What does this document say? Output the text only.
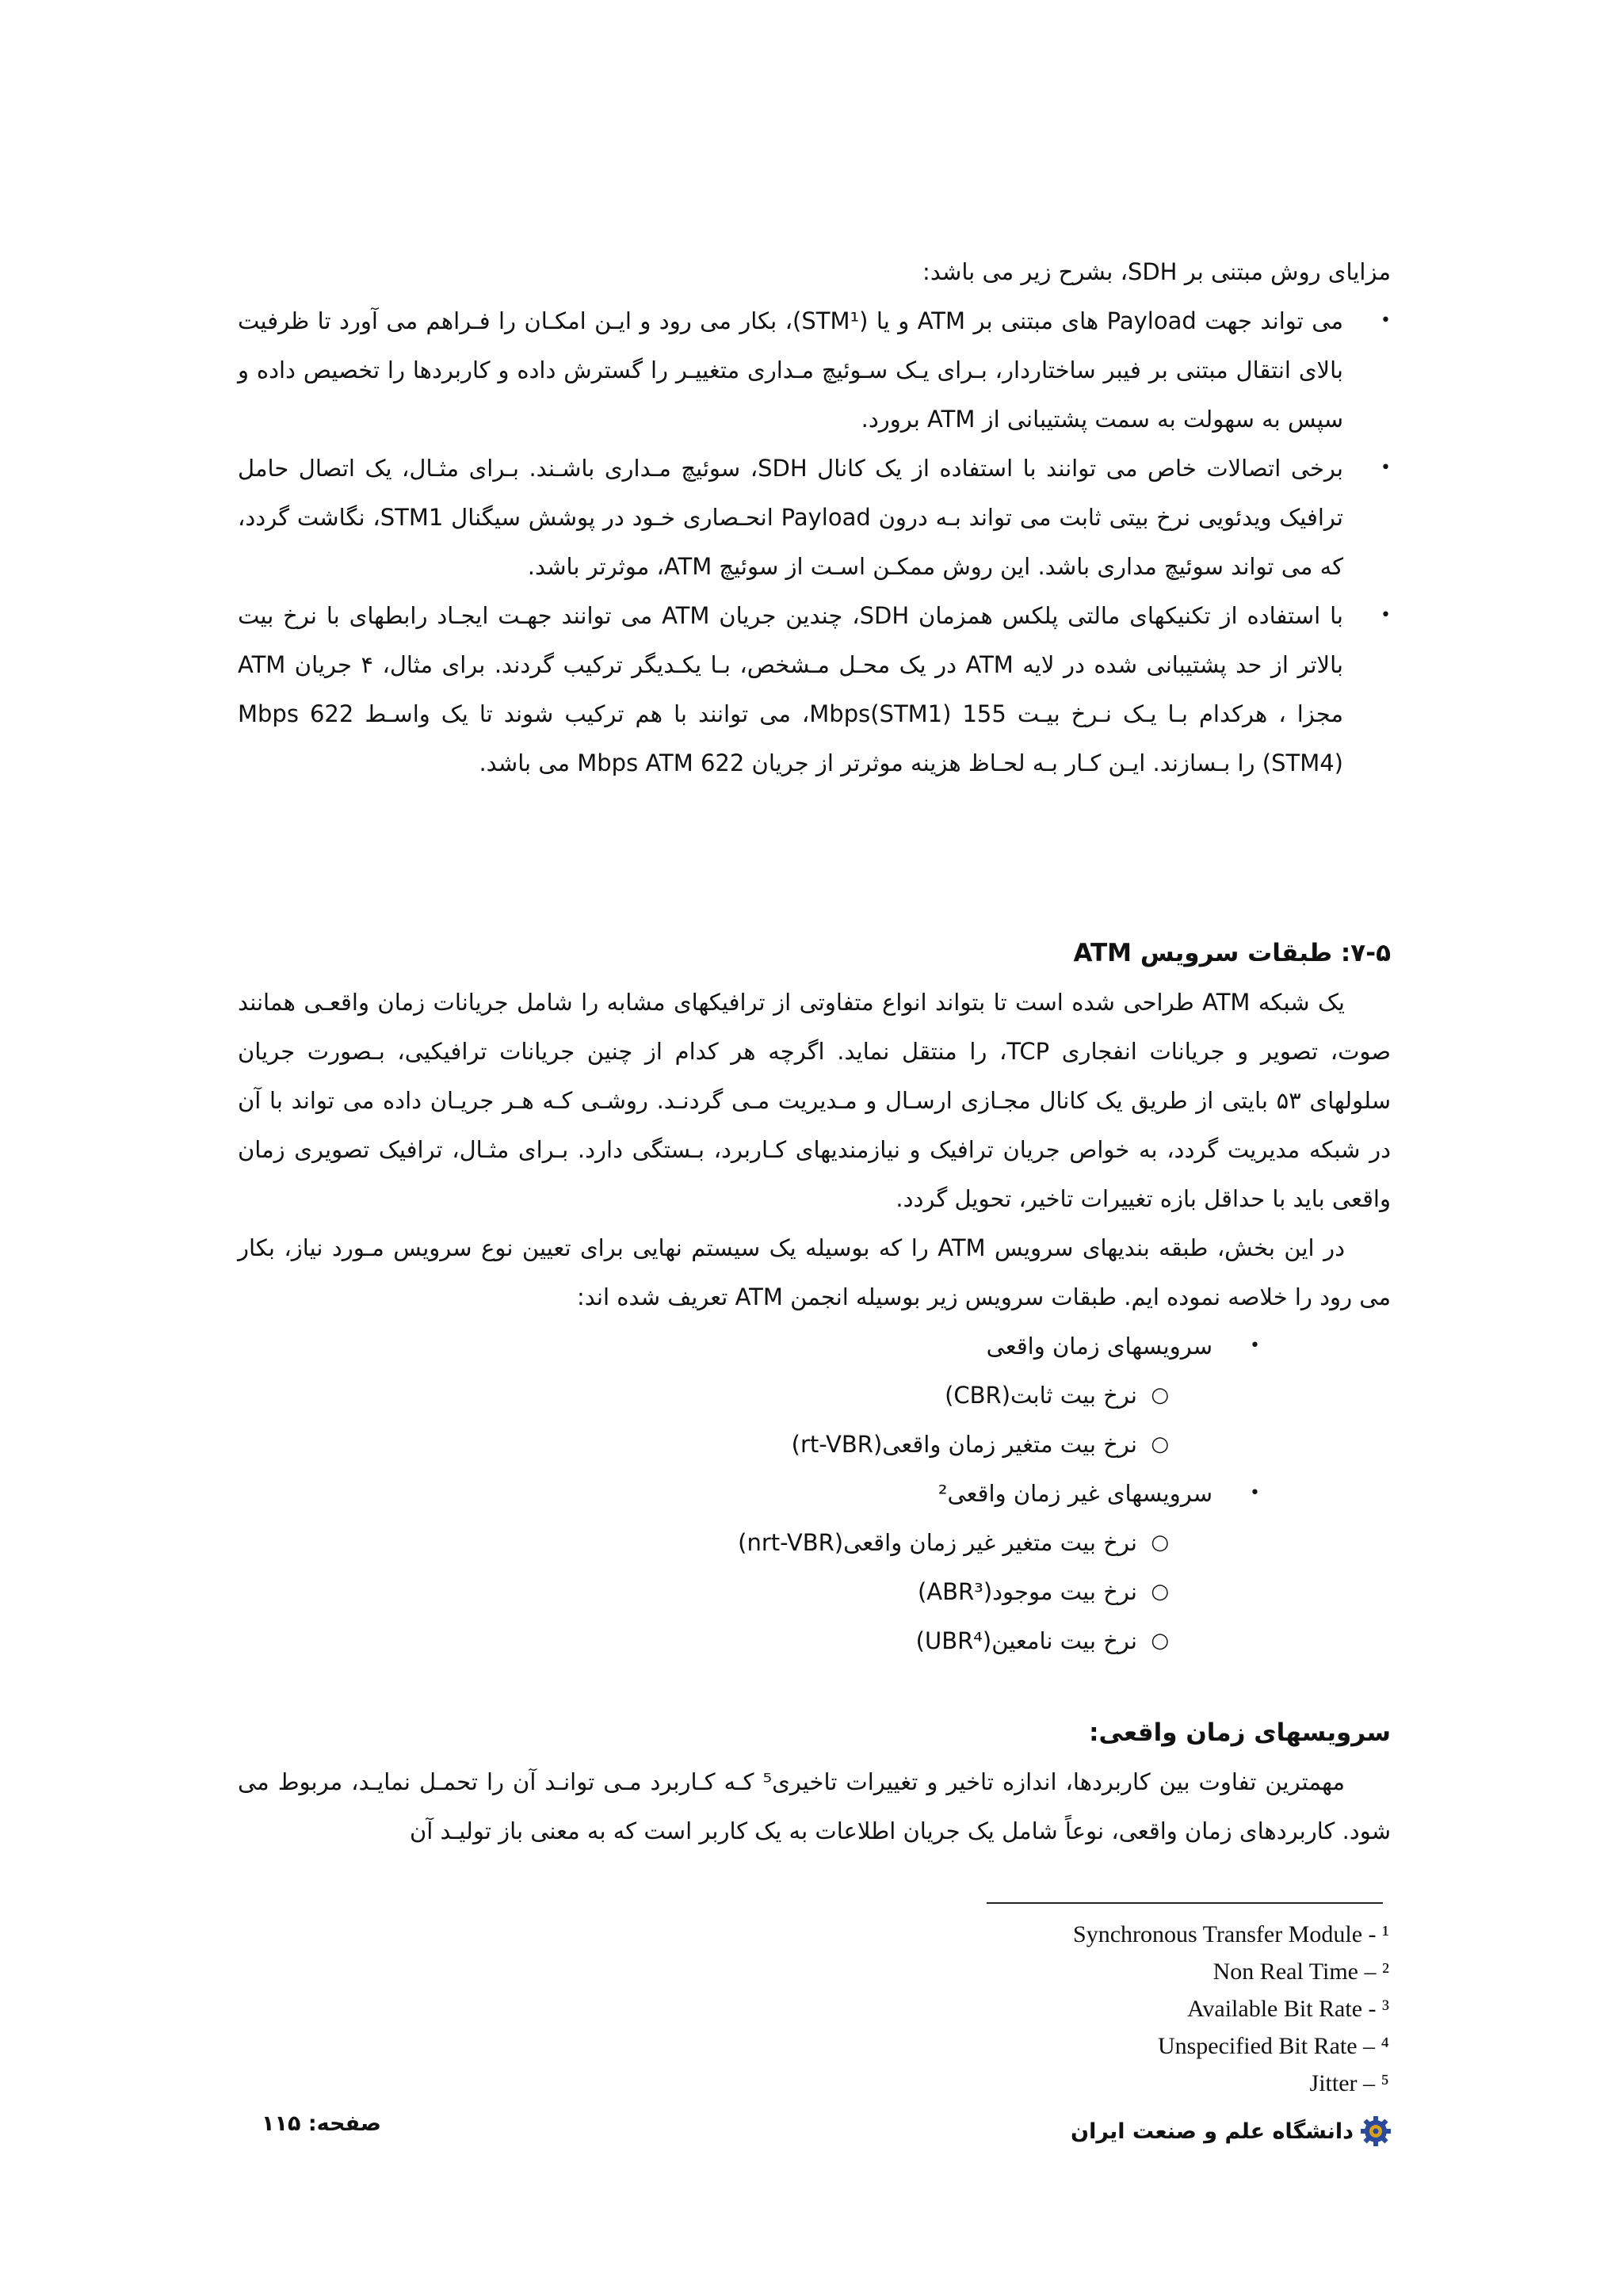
مزایای روش مبتنی بر SDH، بشرح زیر می باشد:

•
می تواند جهت Payload های مبتنی بر ATM و یا (STM¹)، بکار می رود و ایـن امکـان را فـراهم می آورد تا ظرفیت بالای انتقال مبتنی بر فیبر ساختاردار، بـرای یـک سـوئیچ مـداری متغییـر را گسترش داده و کاربردها را تخصیص داده و سپس به سهولت به سمت پشتیبانی از ATM برورد.
•
برخی اتصالات خاص می توانند با استفاده از یک کانال SDH، سوئیچ مـداری باشـند. بـرای مثـال، یک اتصال حامل ترافیک ویدئویی نرخ بیتی ثابت می تواند بـه درون Payload انحـصاری خـود در پوشش سیگنال STM1، نگاشت گردد، که می تواند سوئیچ مداری باشد. این روش ممکـن اسـت از سوئیچ ATM، موثرتر باشد.
•
با استفاده از تکنیکهای مالتی پلکس همزمان SDH، چندین جریان ATM می توانند جهـت ایجـاد رابطهای با نرخ بیت بالاتر از حد پشتیبانی شده در لایه ATM در یک محـل مـشخص، بـا یکـدیگر ترکیب گردند. برای مثال، ۴ جریان ATM مجزا ، هرکدام بـا یـک نـرخ بیـت 155 Mbps(STM1)، می توانند با هم ترکیب شوند تا یک واسـط 622 Mbps (STM4) را بـسازند. ایـن کـار بـه لحـاظ هزینه موثرتر از جریان 622 Mbps ATM می باشد.

۷-۵: طبقات سرویس ATM

یک شبکه ATM طراحی شده است تا بتواند انواع متفاوتی از ترافیکهای مشابه را شامل جریانات زمان واقعـی همانند صوت، تصویر و جریانات انفجاری TCP، را منتقل نماید. اگرچه هر کدام از چنین جریانات ترافیکیی، بـصورت جریان سلولهای ۵۳ بایتی از طریق یک کانال مجـازی ارسـال و مـدیریت مـی گردنـد. روشـی کـه هـر جریـان داده می تواند با آن در شبکه مدیریت گردد، به خواص جریان ترافیک و نیازمندیهای کـاربرد، بـستگی دارد. بـرای مثـال، ترافیک تصویری زمان واقعی باید با حداقل بازه تغییرات تاخیر، تحویل گردد.

در این بخش، طبقه بندیهای سرویس ATM را که بوسیله یک سیستم نهایی برای تعیین نوع سرویس مـورد نیاز، بکار می رود را خلاصه نموده ایم. طبقات سرویس زیر بوسیله انجمن ATM تعریف شده اند:

•
سرویسهای زمان واقعی
○
نرخ بیت ثابت(CBR)
○
نرخ بیت متغیر زمان واقعی(rt-VBR)
•
سرویسهای غیر زمان واقعی²
○
نرخ بیت متغیر غیر زمان واقعی(nrt-VBR)
○
نرخ بیت موجود(ABR³)
○
نرخ بیت نامعین(UBR⁴)

سرویسهای زمان واقعی:

مهمترین تفاوت بین کاربردها، اندازه تاخیر و تغییرات تاخیری⁵ کـه کـاربرد مـی توانـد آن را تحمـل نمایـد، مربوط می شود. کاربردهای زمان واقعی، نوعاً شامل یک جریان اطلاعات به یک کاربر است که به معنی باز تولیـد آن

Synchronous Transfer Module - ¹
Non Real Time – ²
Available Bit Rate - ³
Unspecified Bit Rate – ⁴
Jitter – ⁵
صفحه: ۱۱۵	دانشگاه علم و صنعت ایران
